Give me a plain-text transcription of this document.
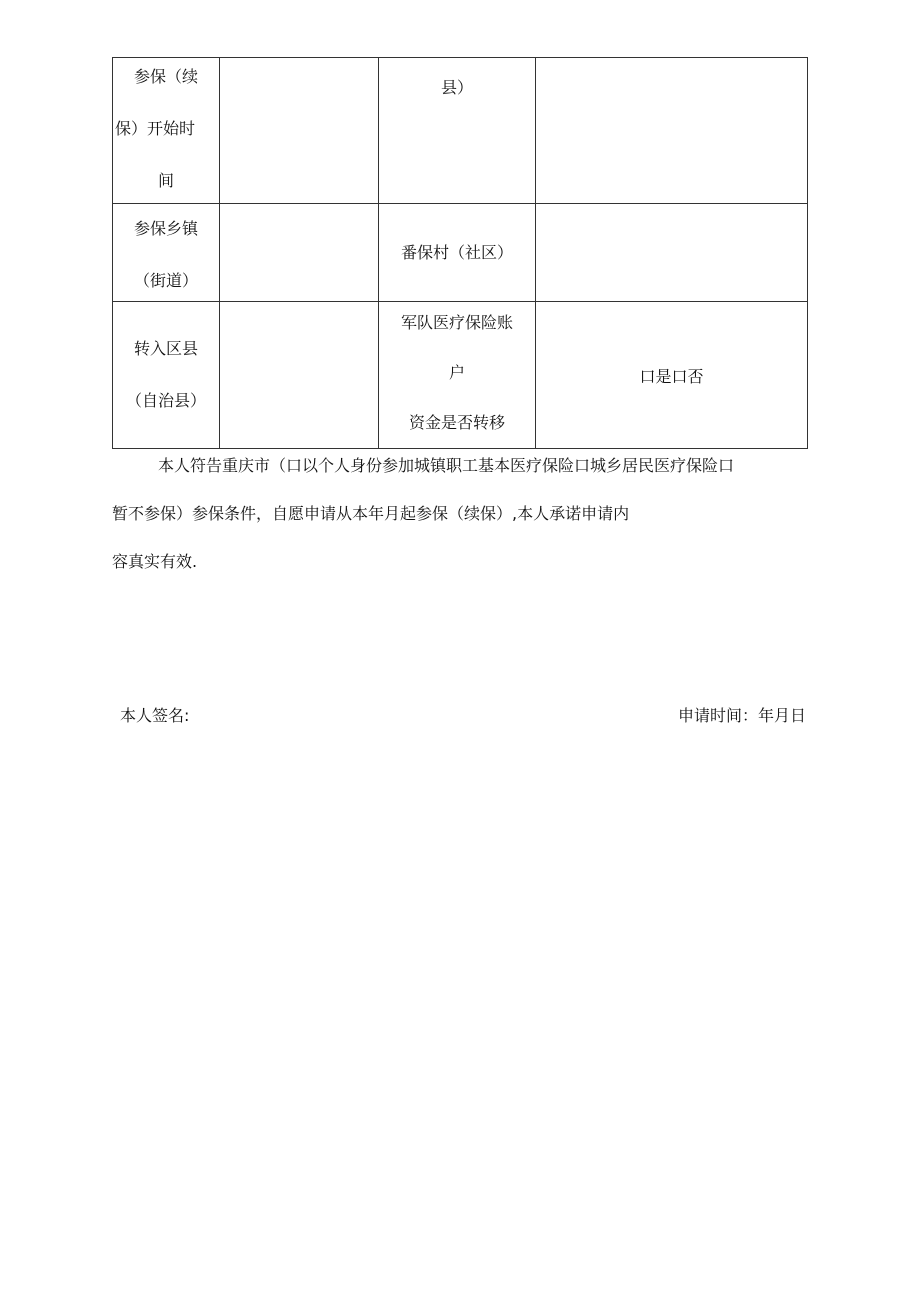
参保（续
保）开始时
间		县）	

参保乡镇
（街道）		番保村（社区）	

转入区县
（自治县）		军队医疗保险账
户
资金是否转移	口是口否
本人符告重庆市（口以个人身份参加城镇职工基本医疗保险口城乡居民医疗保险口
暂不参保）参保条件，自愿申请从本年月起参保（续保）,本人承诺申请内
容真实有效.
本人签名:	申请时间：年月日
